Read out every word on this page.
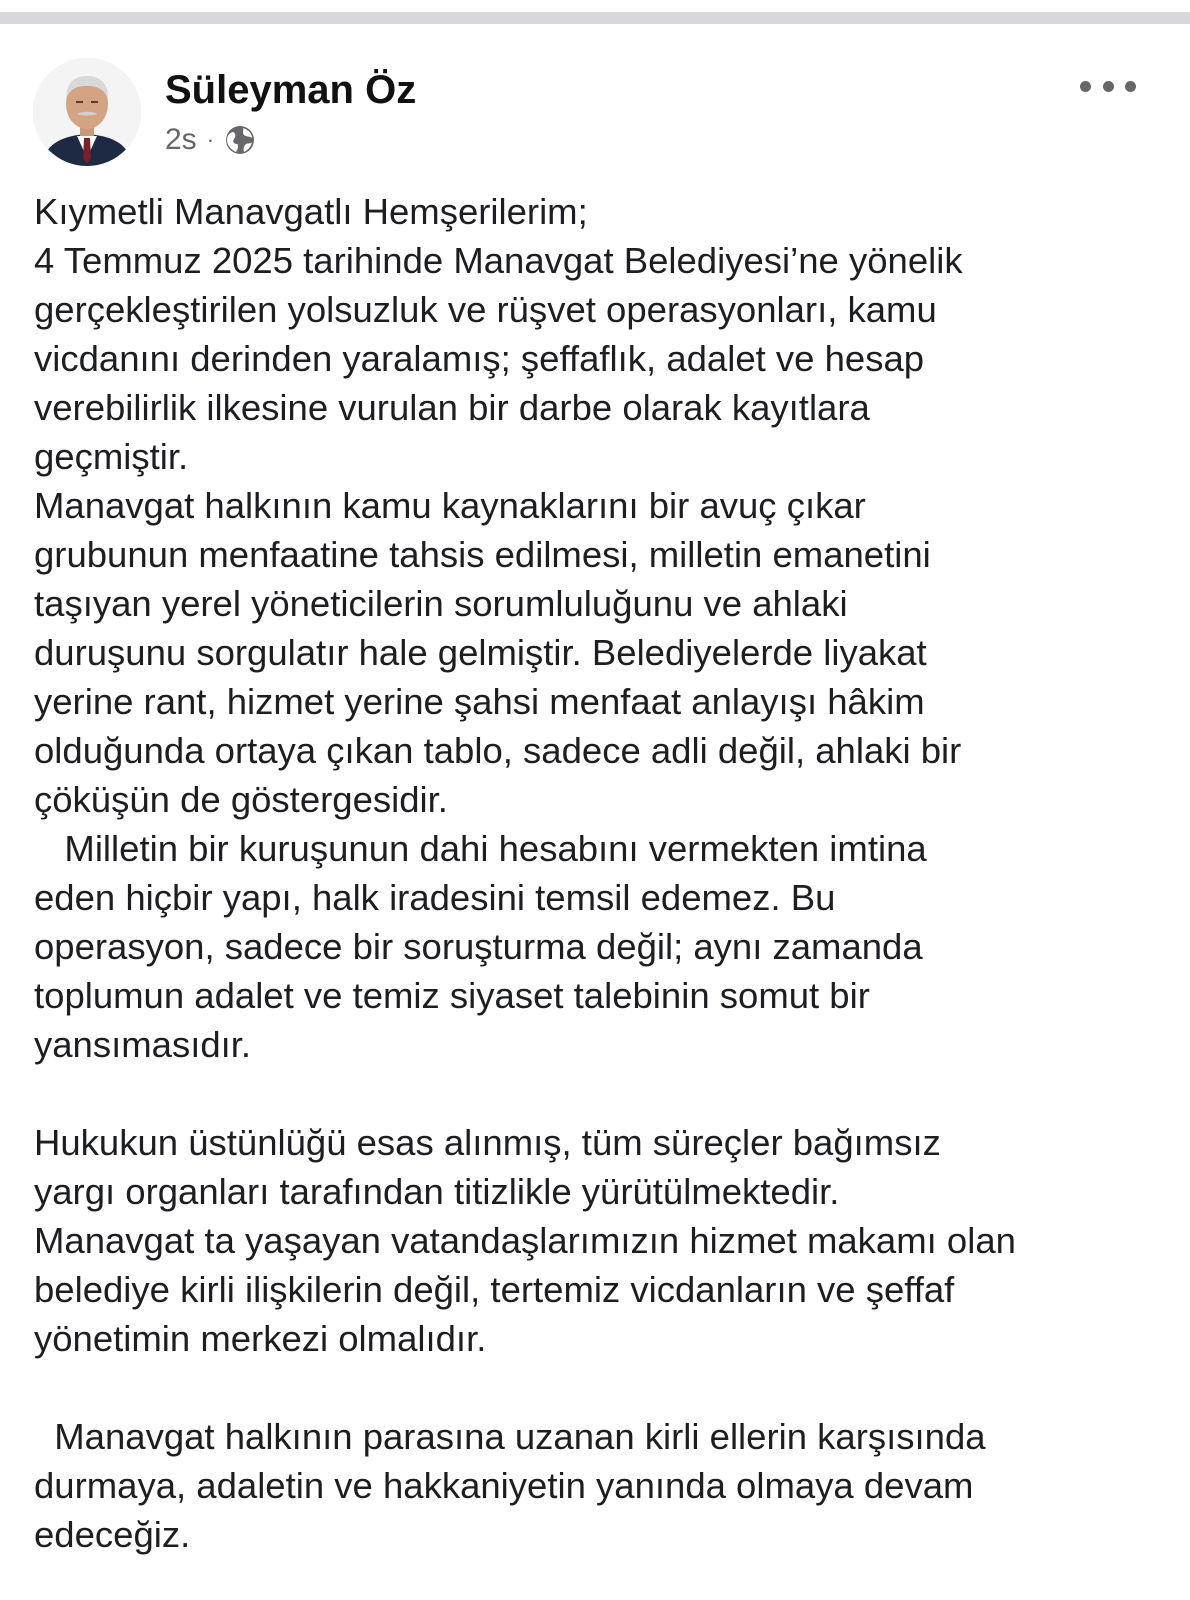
Süleyman Öz
2s ·

Kıymetli Manavgatlı Hemşerilerim;

4 Temmuz 2025 tarihinde Manavgat Belediyesi’ne yönelik

gerçekleştirilen yolsuzluk ve rüşvet operasyonları, kamu

vicdanını derinden yaralamış; şeffaflık, adalet ve hesap

verebilirlik ilkesine vurulan bir darbe olarak kayıtlara

geçmiştir.

Manavgat halkının kamu kaynaklarını bir avuç çıkar

grubunun menfaatine tahsis edilmesi, milletin emanetini

taşıyan yerel yöneticilerin sorumluluğunu ve ahlaki

duruşunu sorgulatır hale gelmiştir. Belediyelerde liyakat

yerine rant, hizmet yerine şahsi menfaat anlayışı hâkim

olduğunda ortaya çıkan tablo, sadece adli değil, ahlaki bir

çöküşün de göstergesidir.

Milletin bir kuruşunun dahi hesabını vermekten imtina

eden hiçbir yapı, halk iradesini temsil edemez. Bu

operasyon, sadece bir soruşturma değil; aynı zamanda

toplumun adalet ve temiz siyaset talebinin somut bir

yansımasıdır.

Hukukun üstünlüğü esas alınmış, tüm süreçler bağımsız

yargı organları tarafından titizlikle yürütülmektedir.

Manavgat ta yaşayan vatandaşlarımızın hizmet makamı olan

belediye kirli ilişkilerin değil, tertemiz vicdanların ve şeffaf

yönetimin merkezi olmalıdır.

Manavgat halkının parasına uzanan kirli ellerin karşısında

durmaya, adaletin ve hakkaniyetin yanında olmaya devam

edeceğiz.
